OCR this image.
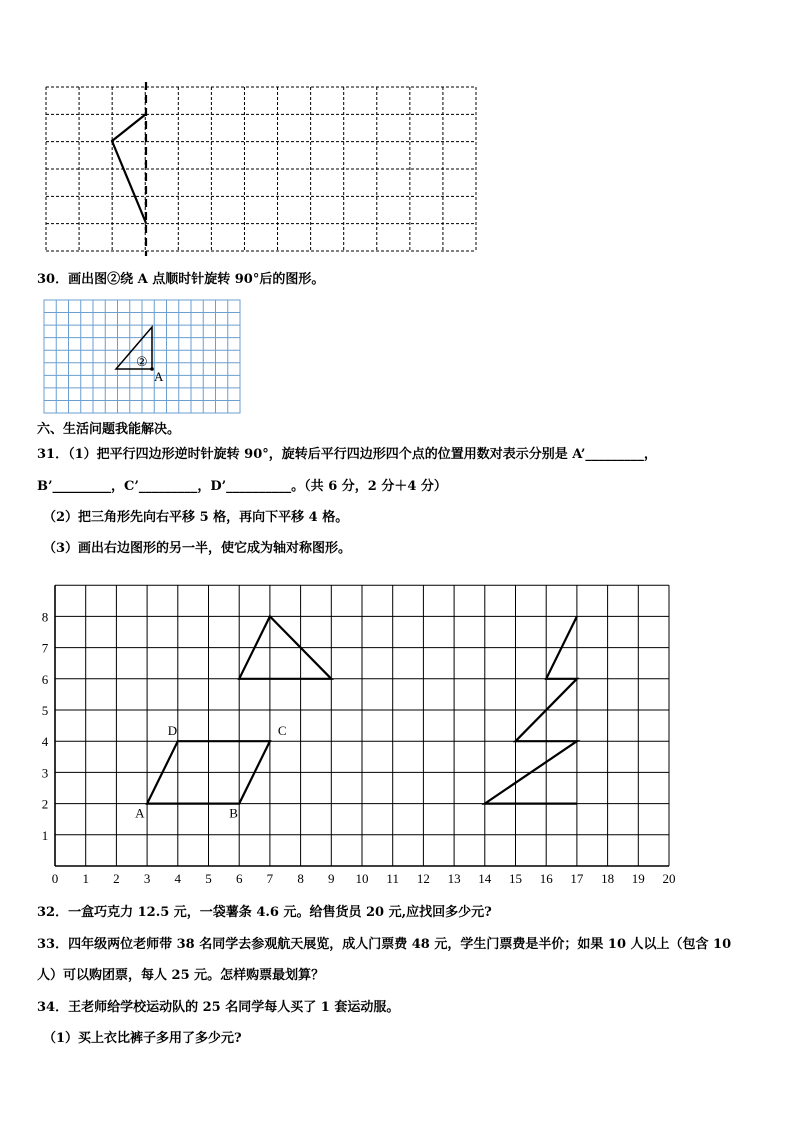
30．画出图②绕 A 点顺时针旋转 90°后的图形。
②
A
六、生活问题我能解决。
31．（1）把平行四边形逆时针旋转 90°，旋转后平行四边形四个点的位置用数对表示分别是 A’_________，
B’_________，C’_________，D’__________。（共 6 分，2 分＋4 分）
（2）把三角形先向右平移 5 格，再向下平移 4 格。
（3）画出右边图形的另一半，使它成为轴对称图形。
0 1 2 3 4 5 6 7 8 9 10 11 12 13 14 15 16 17 18 19 20
1
2
3
4
5
6
7
8
A	B
C
D
32．一盒巧克力 12.5 元，一袋薯条 4.6 元。给售货员 20 元,应找回多少元?
33．四年级两位老师带 38 名同学去参观航天展览，成人门票费 48 元，学生门票费是半价；如果 10 人以上（包含 10
人）可以购团票，每人 25 元。怎样购票最划算？
34．王老师给学校运动队的 25 名同学每人买了 1 套运动服。
（1）买上衣比裤子多用了多少元?
